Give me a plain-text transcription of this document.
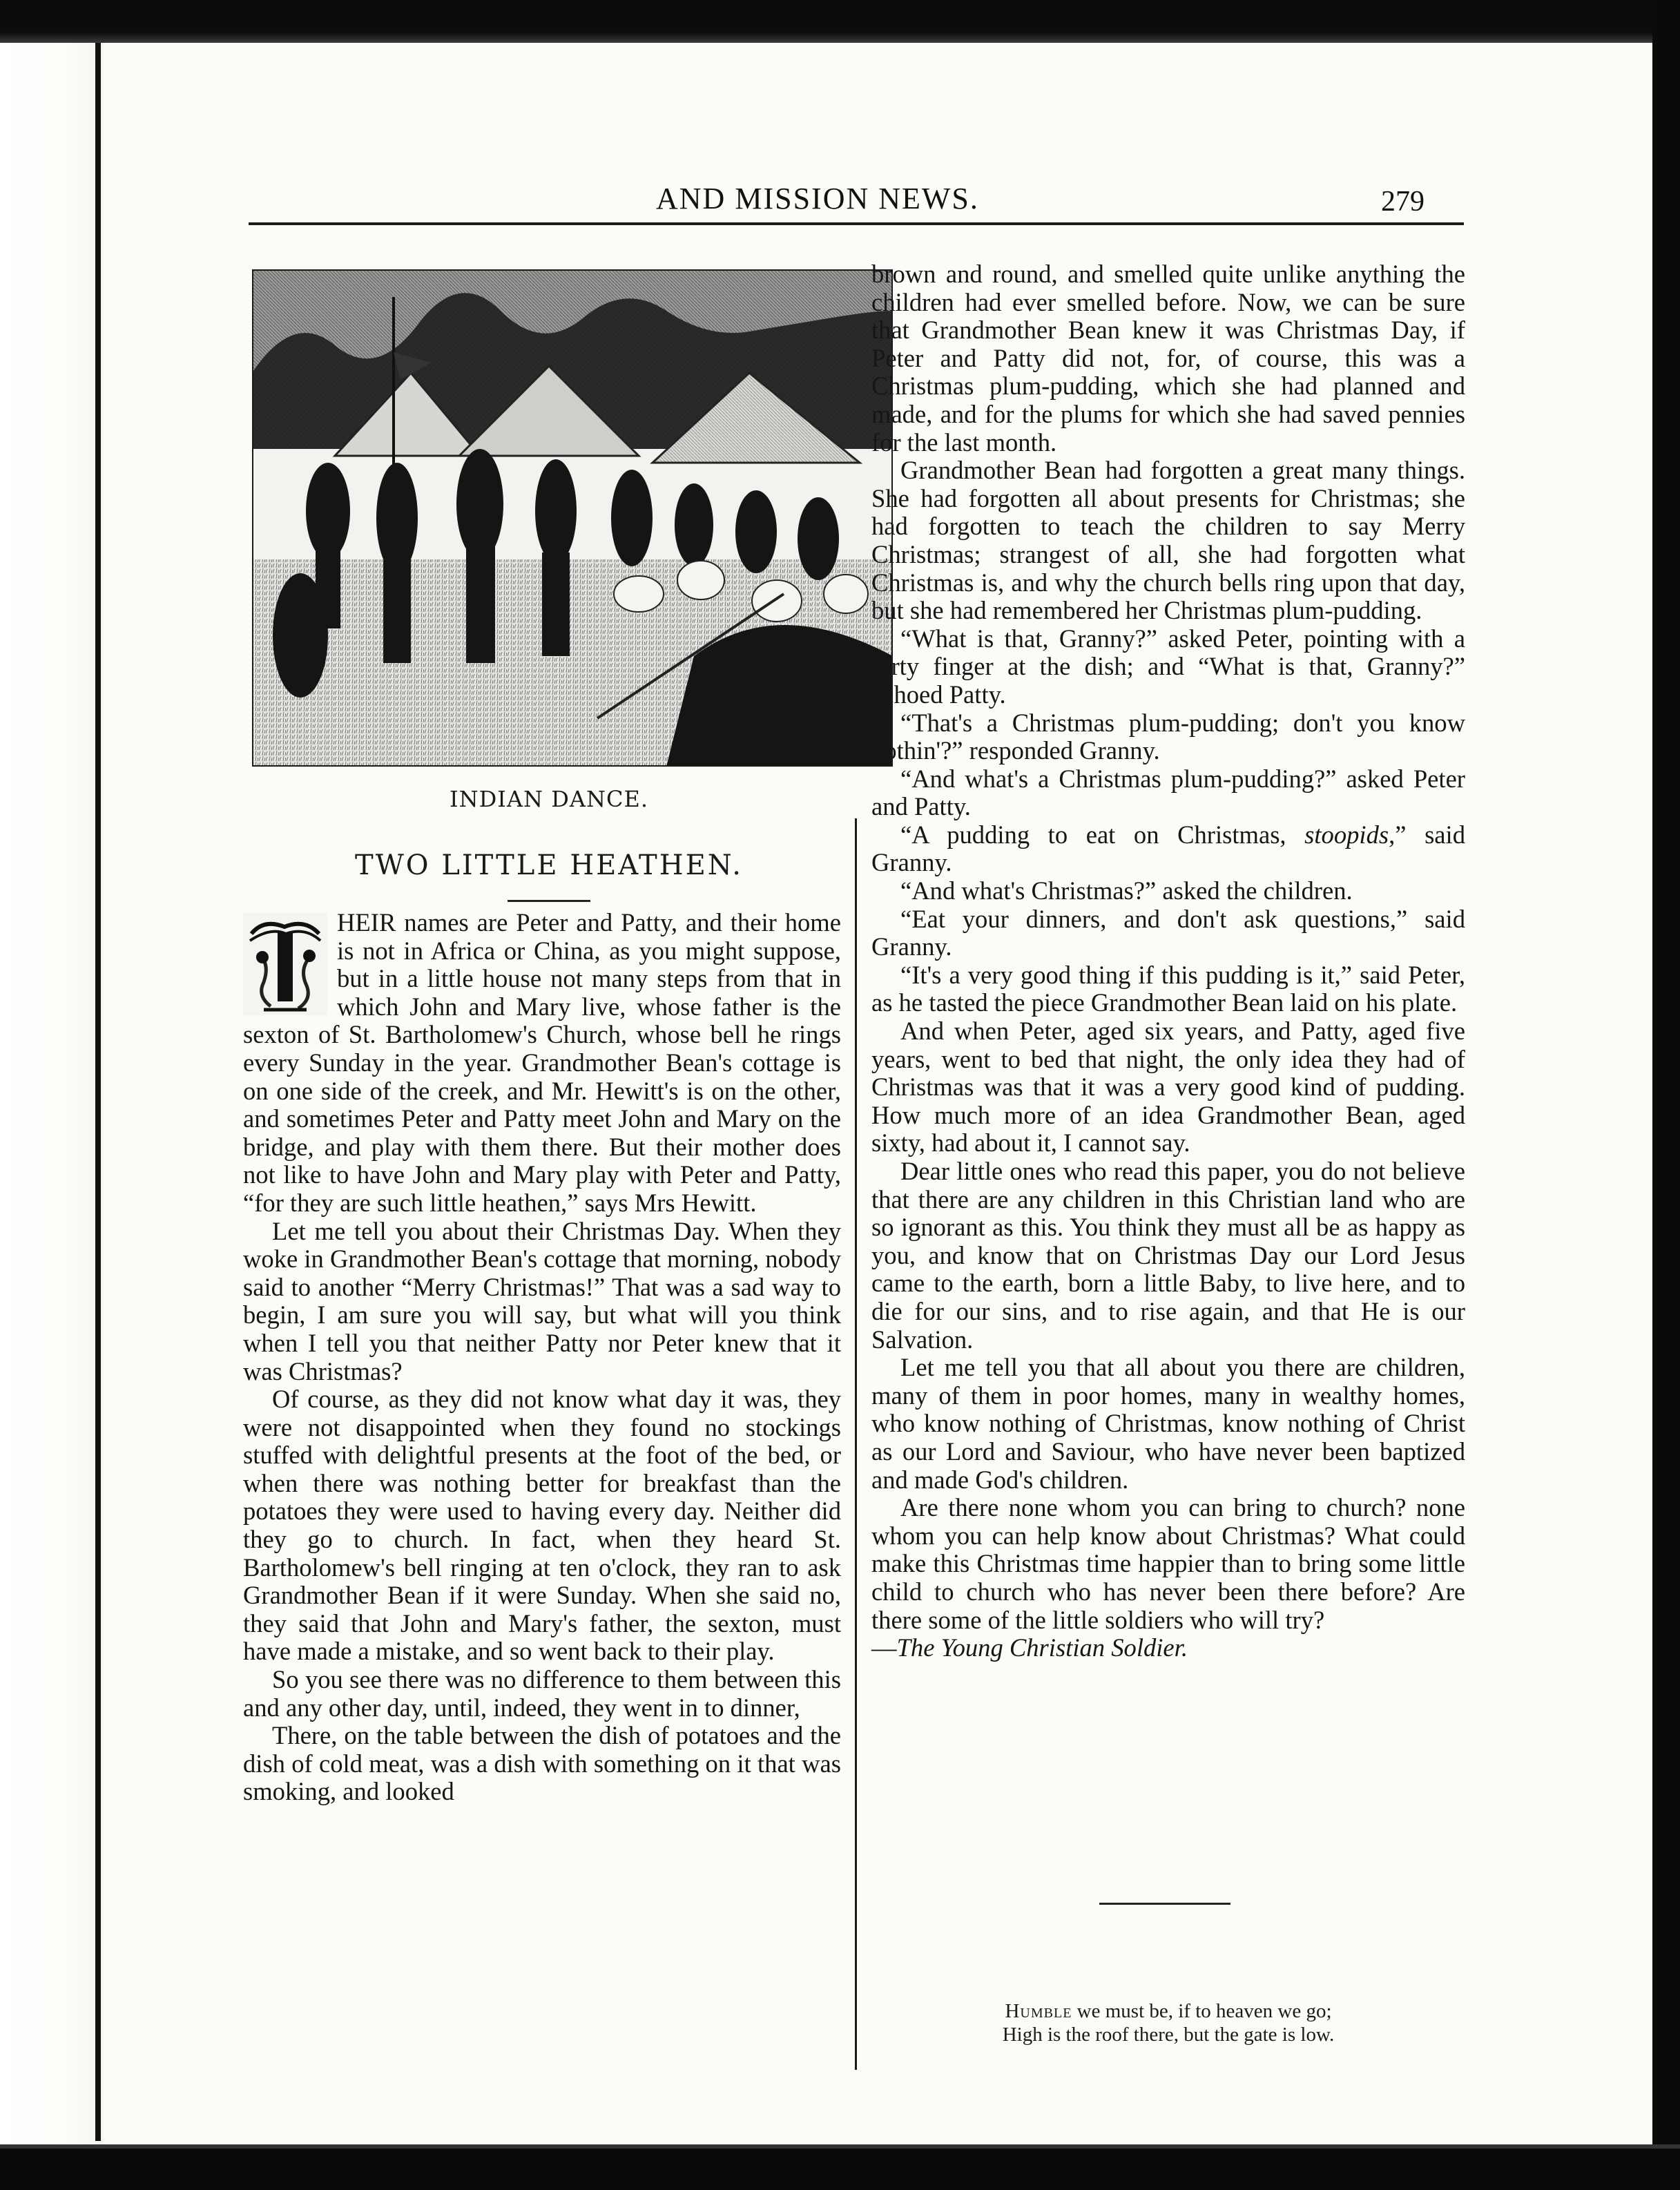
AND MISSION NEWS.	279
INDIAN DANCE.
TWO LITTLE HEATHEN.

HEIR names are Peter and Patty, and their home is not in Africa or China, as you might suppose, but in a little house not many steps from that in which John and Mary live, whose father is the sexton of St. Bartholomew's Church, whose bell he rings every Sunday in the year. Grandmother Bean's cottage is on one side of the creek, and Mr. Hewitt's is on the other, and sometimes Peter and Patty meet John and Mary on the bridge, and play with them there. But their mother does not like to have John and Mary play with Peter and Patty, “for they are such little heathen,” says Mrs Hewitt.

Let me tell you about their Christmas Day. When they woke in Grandmother Bean's cottage that morning, nobody said to another “Merry Christmas!” That was a sad way to begin, I am sure you will say, but what will you think when I tell you that neither Patty nor Peter knew that it was Christmas?

Of course, as they did not know what day it was, they were not disappointed when they found no stockings stuffed with delightful presents at the foot of the bed, or when there was nothing better for breakfast than the potatoes they were used to having every day. Neither did they go to church. In fact, when they heard St. Bartholomew's bell ringing at ten o'clock, they ran to ask Grandmother Bean if it were Sunday. When she said no, they said that John and Mary's father, the sexton, must have made a mistake, and so went back to their play.

So you see there was no difference to them between this and any other day, until, indeed, they went in to dinner,

There, on the table between the dish of potatoes and the dish of cold meat, was a dish with something on it that was smoking, and looked

brown and round, and smelled quite unlike anything the children had ever smelled before. Now, we can be sure that Grandmother Bean knew it was Christmas Day, if Peter and Patty did not, for, of course, this was a Christmas plum-pudding, which she had planned and made, and for the plums for which she had saved pennies for the last month.

Grandmother Bean had forgotten a great many things. She had forgotten all about presents for Christmas; she had forgotten to teach the children to say Merry Christmas; strangest of all, she had forgotten what Christmas is, and why the church bells ring upon that day, but she had remembered her Christmas plum-pudding.

“What is that, Granny?” asked Peter, pointing with a dirty finger at the dish; and “What is that, Granny?” echoed Patty.

“That's a Christmas plum-pudding; don't you know nothin'?” responded Granny.

“And what's a Christmas plum-pudding?” asked Peter and Patty.

“A pudding to eat on Christmas, stoopids,” said Granny.

“And what's Christmas?” asked the children.

“Eat your dinners, and don't ask questions,” said Granny.

“It's a very good thing if this pudding is it,” said Peter, as he tasted the piece Grandmother Bean laid on his plate.

And when Peter, aged six years, and Patty, aged five years, went to bed that night, the only idea they had of Christmas was that it was a very good kind of pudding. How much more of an idea Grandmother Bean, aged sixty, had about it, I cannot say.

Dear little ones who read this paper, you do not believe that there are any children in this Christian land who are so ignorant as this. You think they must all be as happy as you, and know that on Christmas Day our Lord Jesus came to the earth, born a little Baby, to live here, and to die for our sins, and to rise again, and that He is our Salvation.

Let me tell you that all about you there are children, many of them in poor homes, many in wealthy homes, who know nothing of Christmas, know nothing of Christ as our Lord and Saviour, who have never been baptized and made God's children.

Are there none whom you can bring to church? none whom you can help know about Christmas? What could make this Christmas time happier than to bring some little child to church who has never been there before? Are there some of the little soldiers who will try?
—The Young Christian Soldier.

Humble we must be, if to heaven we go;
High is the roof there, but the gate is low.
